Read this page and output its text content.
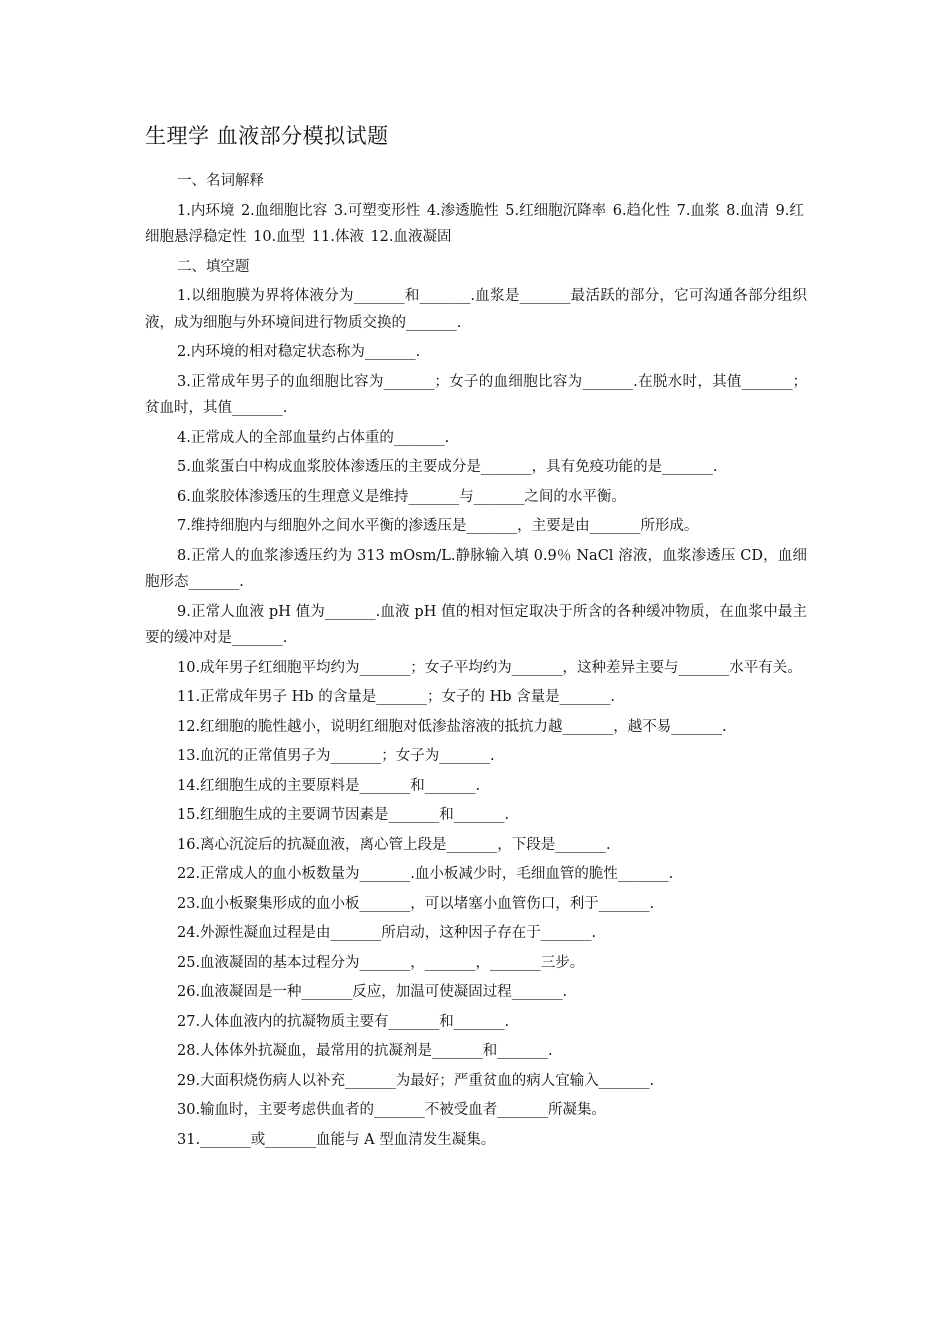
生理学 血液部分模拟试题

一、名词解释

1.内环境 2.血细胞比容 3.可塑变形性 4.渗透脆性 5.红细胞沉降率 6.趋化性 7.血浆 8.血清 9.红细胞悬浮稳定性 10.血型 11.体液 12.血液凝固

二、填空题

1.以细胞膜为界将体液分为_______和_______.血浆是_______最活跃的部分，它可沟通各部分组织液，成为细胞与外环境间进行物质交换的_______.

2.内环境的相对稳定状态称为_______.

3.正常成年男子的血细胞比容为_______；女子的血细胞比容为_______.在脱水时，其值_______；贫血时，其值_______.

4.正常成人的全部血量约占体重的_______.

5.血浆蛋白中构成血浆胶体渗透压的主要成分是_______，具有免疫功能的是_______.

6.血浆胶体渗透压的生理意义是维持_______与_______之间的水平衡。

7.维持细胞内与细胞外之间水平衡的渗透压是_______，主要是由_______所形成。

8.正常人的血浆渗透压约为 313 mOsm/L.静脉输入填 0.9％ NaCl 溶液，血浆渗透压 CD，血细胞形态_______.

9.正常人血液 pH 值为_______.血液 pH 值的相对恒定取决于所含的各种缓冲物质，在血浆中最主要的缓冲对是_______.

10.成年男子红细胞平均约为_______；女子平均约为_______，这种差异主要与_______水平有关。

11.正常成年男子 Hb 的含量是_______；女子的 Hb 含量是_______.

12.红细胞的脆性越小，说明红细胞对低渗盐溶液的抵抗力越_______，越不易_______.

13.血沉的正常值男子为_______；女子为_______.

14.红细胞生成的主要原料是_______和_______.

15.红细胞生成的主要调节因素是_______和_______.

16.离心沉淀后的抗凝血液，离心管上段是_______，下段是_______.

22.正常成人的血小板数量为_______.血小板减少时，毛细血管的脆性_______.

23.血小板聚集形成的血小板_______，可以堵塞小血管伤口，利于_______.

24.外源性凝血过程是由_______所启动，这种因子存在于_______.

25.血液凝固的基本过程分为_______，_______，_______三步。

26.血液凝固是一种_______反应，加温可使凝固过程_______.

27.人体血液内的抗凝物质主要有_______和_______.

28.人体体外抗凝血，最常用的抗凝剂是_______和_______.

29.大面积烧伤病人以补充_______为最好；严重贫血的病人宜输入_______.

30.输血时，主要考虑供血者的_______不被受血者_______所凝集。

31._______或_______血能与 A 型血清发生凝集。
